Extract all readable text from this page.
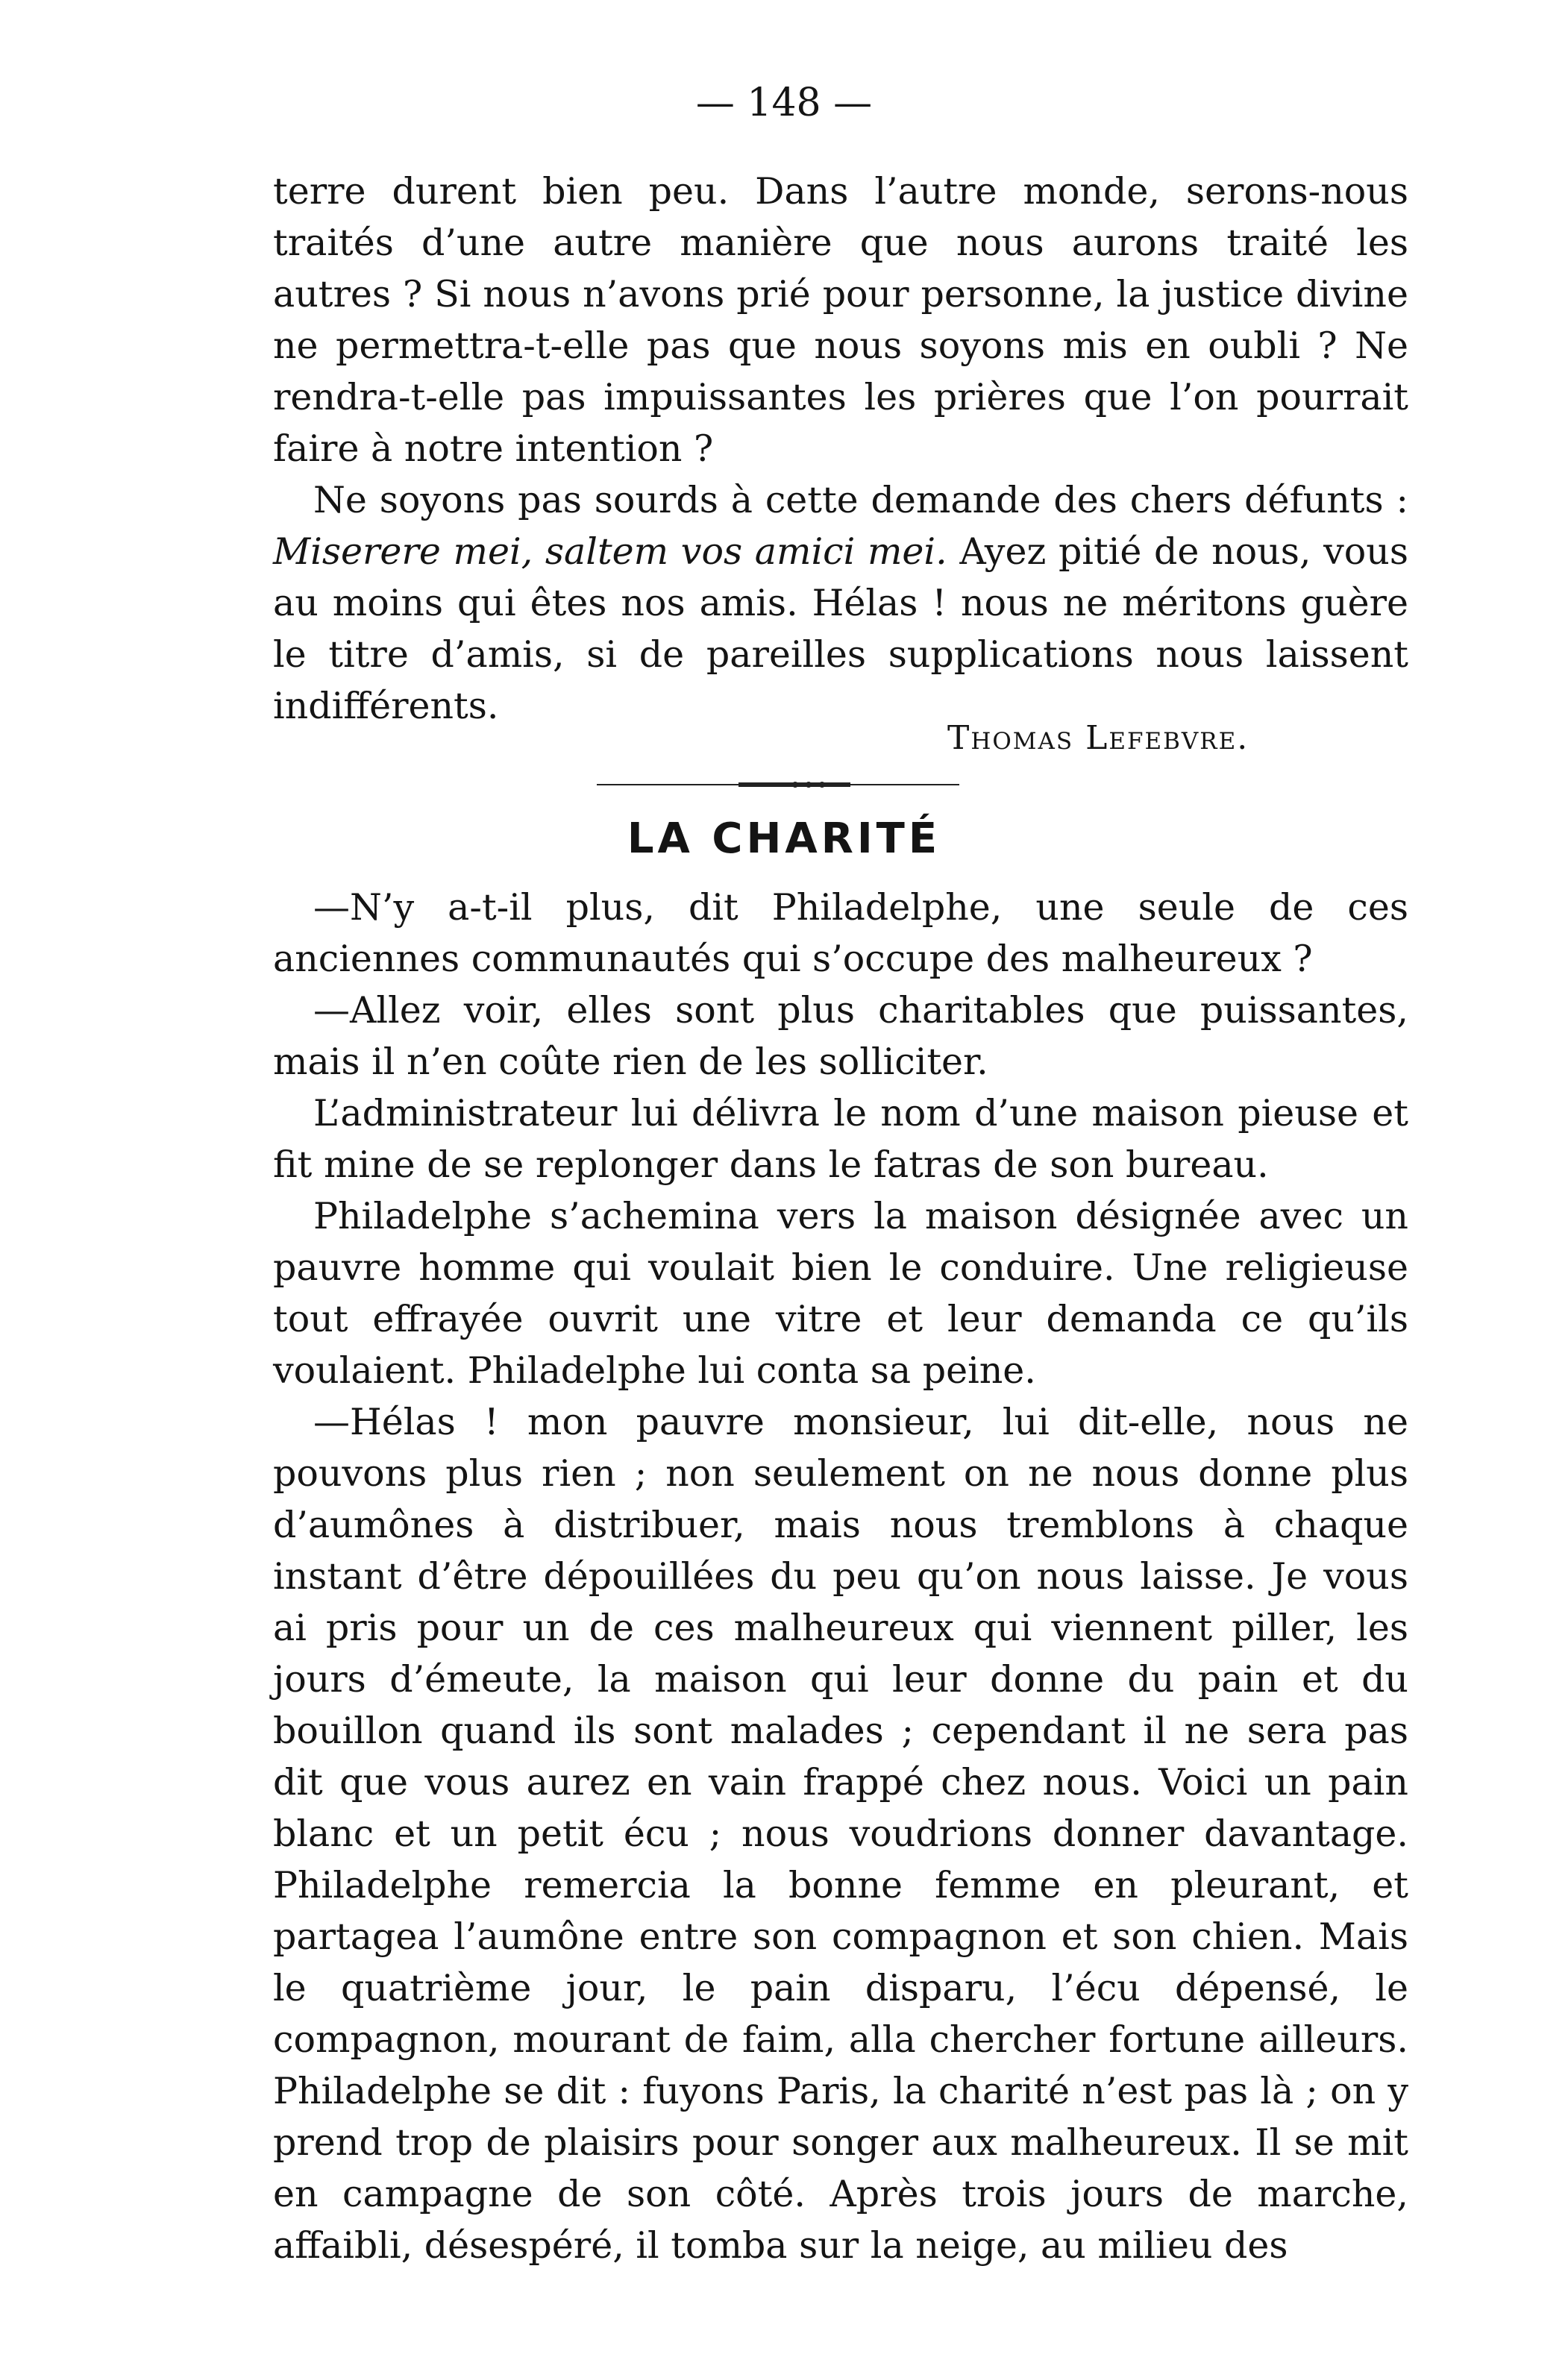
— 148 —

terre durent bien peu. Dans l’autre monde, serons-nous traités d’une autre manière que nous aurons traité les autres ? Si nous n’avons prié pour personne, la justice divine ne permettra-t-elle pas que nous soyons mis en oubli ? Ne rendra-t-elle pas impuissantes les prières que l’on pourrait faire à notre intention ?

Ne soyons pas sourds à cette demande des chers défunts : Miserere mei, saltem vos amici mei. Ayez pitié de nous, vous au moins qui êtes nos amis. Hélas ! nous ne méritons guère le titre d’amis, si de pareilles supplications nous laissent indifférents.

Thomas Lefebvre.
LA CHARITÉ

—N’y a-t-il plus, dit Philadelphe, une seule de ces anciennes communautés qui s’occupe des malheureux ?

—Allez voir, elles sont plus charitables que puissantes, mais il n’en coûte rien de les solliciter.

L’administrateur lui délivra le nom d’une maison pieuse et fit mine de se replonger dans le fatras de son bureau.

Philadelphe s’achemina vers la maison désignée avec un pauvre homme qui voulait bien le conduire. Une religieuse tout effrayée ouvrit une vitre et leur demanda ce qu’ils voulaient. Philadelphe lui conta sa peine.

—Hélas ! mon pauvre monsieur, lui dit-elle, nous ne pouvons plus rien ; non seulement on ne nous donne plus d’aumônes à distribuer, mais nous tremblons à chaque instant d’être dépouillées du peu qu’on nous laisse. Je vous ai pris pour un de ces malheureux qui viennent piller, les jours d’émeute, la maison qui leur donne du pain et du bouillon quand ils sont malades ; cependant il ne sera pas dit que vous aurez en vain frappé chez nous. Voici un pain blanc et un petit écu ; nous voudrions donner davantage. Philadelphe remercia la bonne femme en pleurant, et partagea l’aumône entre son compagnon et son chien. Mais le quatrième jour, le pain disparu, l’écu dépensé, le compagnon, mourant de faim, alla chercher fortune ailleurs. Philadelphe se dit : fuyons Paris, la charité n’est pas là ; on y prend trop de plaisirs pour songer aux malheureux. Il se mit en campagne de son côté. Après trois jours de marche, affaibli, désespéré, il tomba sur la neige, au milieu des
